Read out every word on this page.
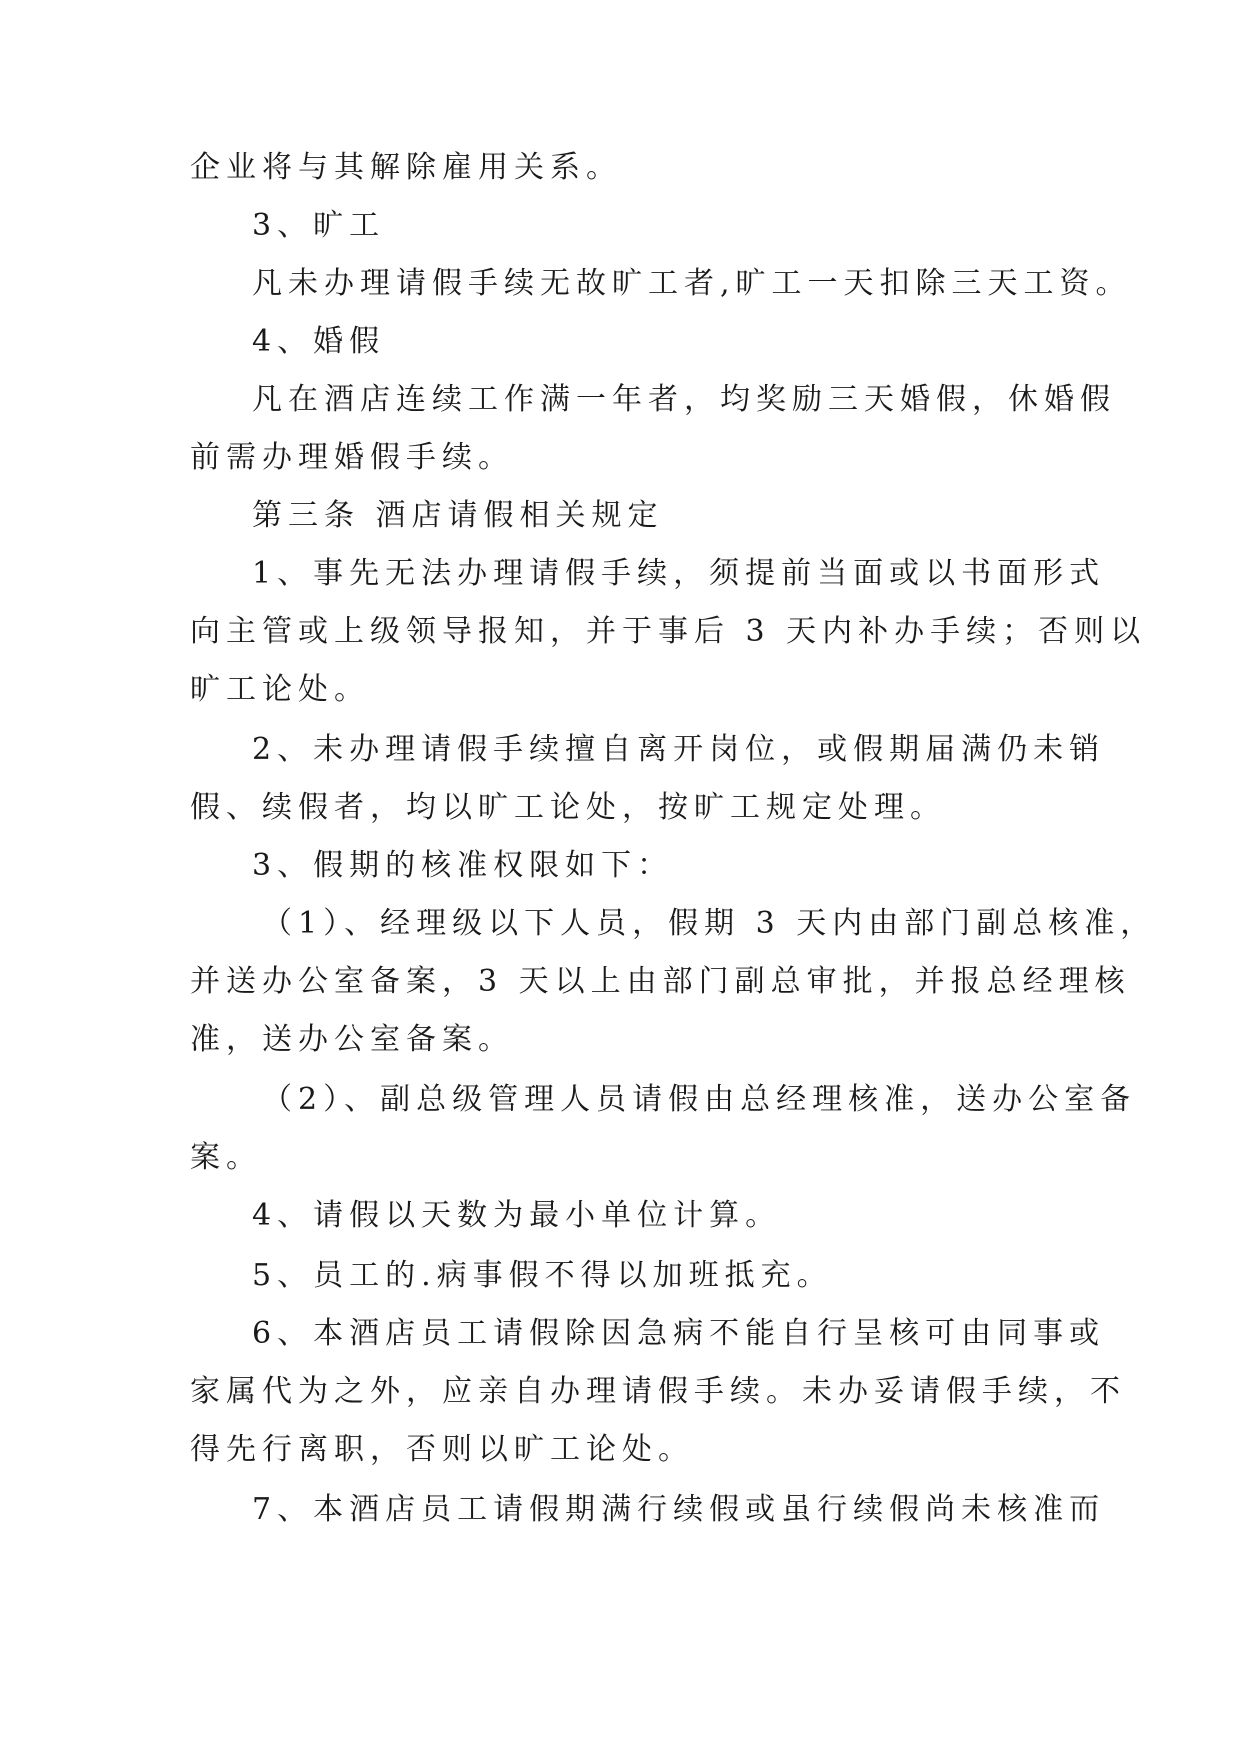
企业将与其解除雇用关系。
3、旷工
凡未办理请假手续无故旷工者,旷工一天扣除三天工资。
4、婚假
凡在酒店连续工作满一年者，均奖励三天婚假，休婚假
前需办理婚假手续。
第三条 酒店请假相关规定
1、事先无法办理请假手续，须提前当面或以书面形式
向主管或上级领导报知，并于事后 3 天内补办手续；否则以
旷工论处。
2、未办理请假手续擅自离开岗位，或假期届满仍未销
假、续假者，均以旷工论处，按旷工规定处理。
3、假期的核准权限如下：
（1）、经理级以下人员，假期 3 天内由部门副总核准，
并送办公室备案，3 天以上由部门副总审批，并报总经理核
准，送办公室备案。
（2）、副总级管理人员请假由总经理核准，送办公室备
案。
4、请假以天数为最小单位计算。
5、员工的.病事假不得以加班抵充。
6、本酒店员工请假除因急病不能自行呈核可由同事或
家属代为之外，应亲自办理请假手续。未办妥请假手续，不
得先行离职，否则以旷工论处。
7、本酒店员工请假期满行续假或虽行续假尚未核准而
